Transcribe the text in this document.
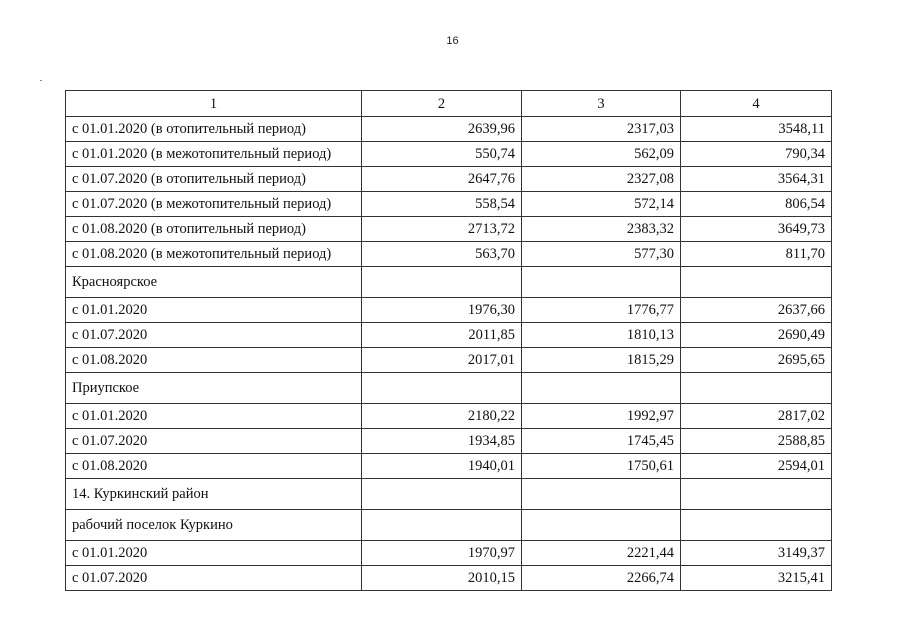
16
1	2	3	4
с 01.01.2020 (в отопительный период)	2639,96	2317,03	3548,11
с 01.01.2020 (в межотопительный период)	550,74	562,09	790,34
с 01.07.2020 (в отопительный период)	2647,76	2327,08	3564,31
с 01.07.2020 (в межотопительный период)	558,54	572,14	806,54
с 01.08.2020 (в отопительный период)	2713,72	2383,32	3649,73
с 01.08.2020 (в межотопительный период)	563,70	577,30	811,70
Красноярское			
с 01.01.2020	1976,30	1776,77	2637,66
с 01.07.2020	2011,85	1810,13	2690,49
с 01.08.2020	2017,01	1815,29	2695,65
Приупское			
с 01.01.2020	2180,22	1992,97	2817,02
с 01.07.2020	1934,85	1745,45	2588,85
с 01.08.2020	1940,01	1750,61	2594,01
14. Куркинский район			
рабочий поселок Куркино			
с 01.01.2020	1970,97	2221,44	3149,37
с 01.07.2020	2010,15	2266,74	3215,41
